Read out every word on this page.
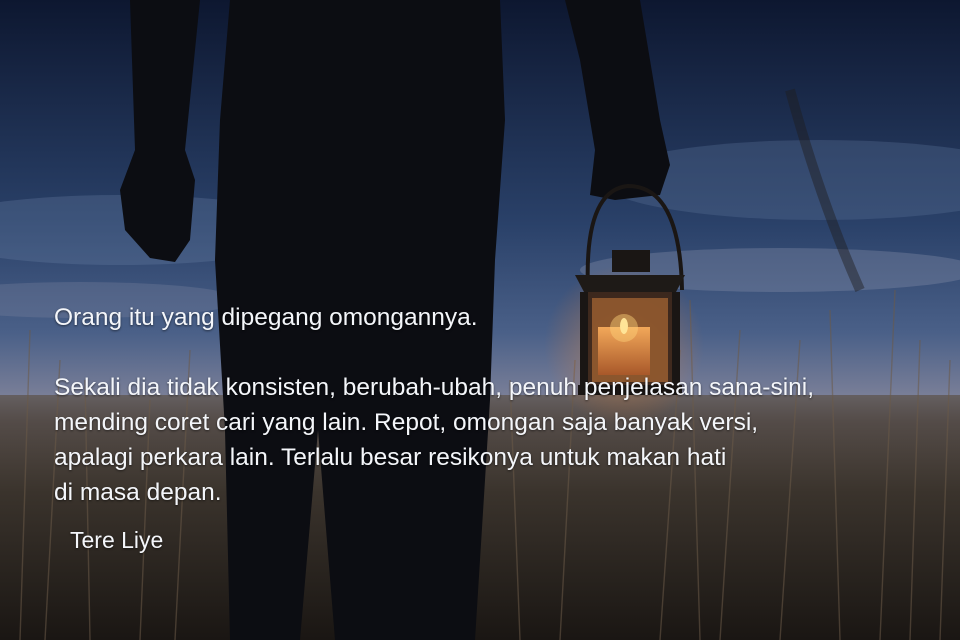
Orang itu yang dipegang omongannya.
Sekali dia tidak konsisten, berubah-ubah, penuh penjelasan sana-sini,
mending coret cari yang lain. Repot, omongan saja banyak versi,
apalagi perkara lain. Terlalu besar resikonya untuk makan hati
di masa depan.
Tere Liye
